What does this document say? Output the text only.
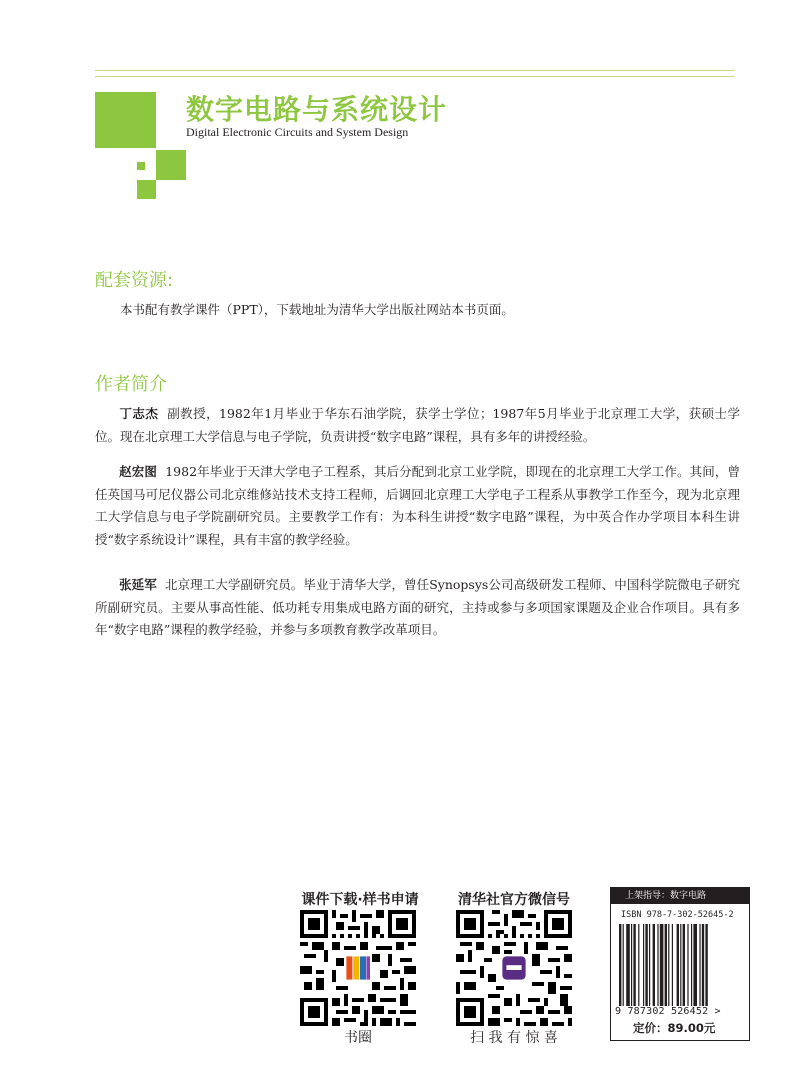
数字电路与系统设计
Digital Electronic Circuits and System Design
配套资源:
本书配有教学课件（PPT），下载地址为清华大学出版社网站本书页面。
作者简介
丁志杰 副教授，1982年1月毕业于华东石油学院，获学士学位；1987年5月毕业于北京理工大学，获硕士学位。现在北京理工大学信息与电子学院，负责讲授“数字电路”课程，具有多年的讲授经验。
赵宏图 1982年毕业于天津大学电子工程系，其后分配到北京工业学院，即现在的北京理工大学工作。其间，曾任英国马可尼仪器公司北京维修站技术支持工程师，后调回北京理工大学电子工程系从事教学工作至今，现为北京理工大学信息与电子学院副研究员。主要教学工作有：为本科生讲授“数字电路”课程，为中英合作办学项目本科生讲授“数字系统设计”课程，具有丰富的教学经验。
张延军 北京理工大学副研究员。毕业于清华大学，曾任Synopsys公司高级研发工程师、中国科学院微电子研究所副研究员。主要从事高性能、低功耗专用集成电路方面的研究，主持或参与多项国家课题及企业合作项目。具有多年“数字电路”课程的教学经验，并参与多项教育教学改革项目。
课件下载·样书申请
书圈
清华社官方微信号
扫 我 有 惊 喜
上架指导：数字电路
ISBN 978-7-302-52645-2
9 787302 526452 >
定价：89.00元
